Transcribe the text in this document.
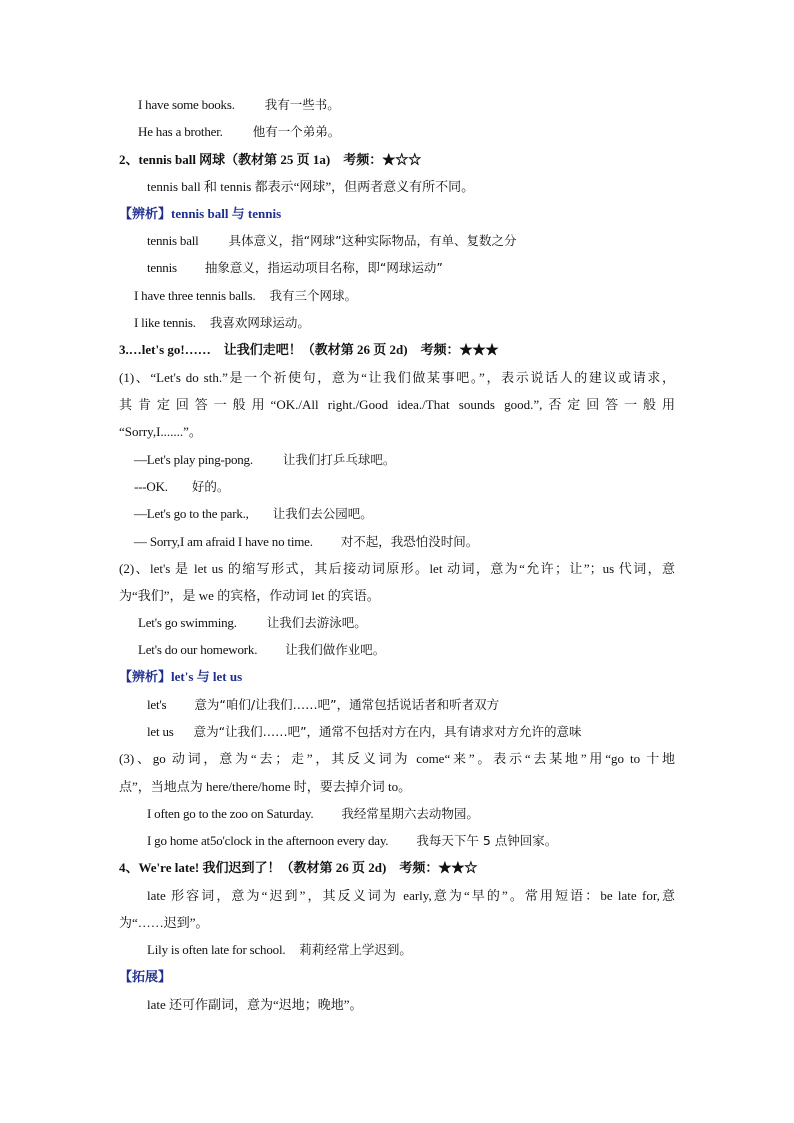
I have some books. 我有一些书。
He has a brother. 他有一个弟弟。
2、tennis ball 网球（教材第 25 页 1a)　考频：★☆☆
tennis ball 和 tennis 都表示“网球”，但两者意义有所不同。
【辨析】tennis ball 与 tennis
tennis ball 具体意义，指“网球”这种实际物品，有单、复数之分
tennis 抽象意义，指运动项目名称，即“网球运动”
I have three tennis balls. 我有三个网球。
I like tennis. 我喜欢网球运动。
3.…let's go!……　让我们走吧！（教材第 26 页 2d)　考频：★★★
(1)、“Let's do sth.”是一个祈使句，意为“让我们做某事吧。”，表示说话人的建议或请求，
其肯定回答一般用“OK./All right./Good idea./That sounds good.”,否定回答一般用
“Sorry,I.......”。
—Let's play ping-pong. 让我们打乒乓球吧。
---OK. 好的。
—Let's go to the park., 让我们去公园吧。
— Sorry,I am afraid I have no time. 对不起，我恐怕没时间。
(2)、let's 是 let us 的缩写形式，其后接动词原形。let 动词，意为“允许；让”；us 代词，意
为“我们”，是 we 的宾格，作动词 let 的宾语。
Let's go swimming. 让我们去游泳吧。
Let's do our homework. 让我们做作业吧。
【辨析】let's 与 let us
let's 意为“咱们/让我们……吧”，通常包括说话者和听者双方
let us 意为“让我们……吧”，通常不包括对方在内，具有请求对方允许的意味
(3)、go 动词，意为“去；走”，其反义词为 come“来”。表示“去某地”用“go to 十地
点”，当地点为 here/there/home 时，要去掉介词 to。
I often go to the zoo on Saturday. 我经常星期六去动物园。
I go home at5o'clock in the afternoon every day. 我每天下午 5 点钟回家。
4、We're late! 我们迟到了！（教材第 26 页 2d)　考频：★★☆
late 形容词，意为“迟到”，其反义词为 early,意为“早的”。常用短语：be late for,意
为“……迟到”。
Lily is often late for school. 莉莉经常上学迟到。
【拓展】
late 还可作副词，意为“迟地；晚地”。
